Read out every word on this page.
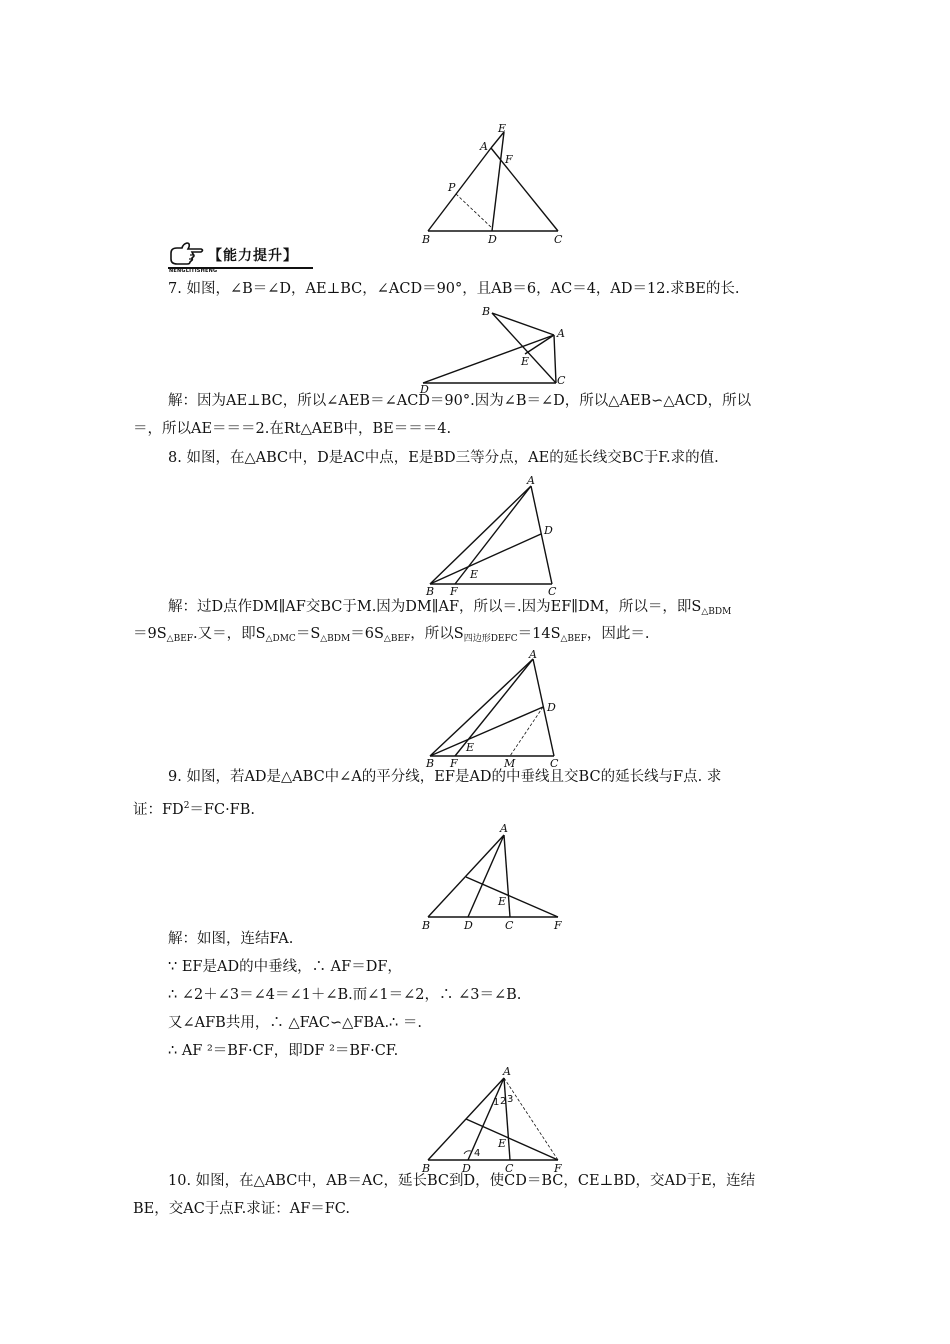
E
A
F
P
B	D	C
【能力提升】
NENGLITISHENG
7. 如图，∠B＝∠D，AE⊥BC，∠ACD＝90°，且AB＝6，AC＝4，AD＝12.求BE的长.
B
A
E
D
C
解：因为AE⊥BC，所以∠AEB＝∠ACD＝90°.因为∠B＝∠D，所以△AEB∽△ACD，所以
＝，所以AE＝＝＝2.在Rt△AEB中，BE＝＝＝4.
8. 如图，在△ABC中，D是AC中点，E是BD三等分点，AE的延长线交BC于F.求的值.
A
D
E
B F	C
解：过D点作DM∥AF交BC于M.因为DM∥AF，所以＝.因为EF∥DM，所以＝，即$S_{\triangle BDM}$
$=9S_{\triangle BEF}$.又＝，即$S_{\triangle DMC}=S_{\triangle BDM}=6S_{\triangle BEF}$，所以$S_{四边形DEFC}=14S_{\triangle BEF}$，因此＝.
A
D
E
B F	M	C
9. 如图，若AD是△ABC中∠A的平分线，EF是AD的中垂线且交BC的延长线与F点. 求
证：$FD^2=FC\cdot FB$.
A
E
B	D	C	F
解：如图，连结FA.
∵ EF是AD的中垂线，∴ AF＝DF，
∴ ∠2＋∠3＝∠4＝∠1＋∠B.而∠1＝∠2，∴ ∠3＝∠B.
又∠AFB共用，∴ △FAC∽△FBA.∴ ＝.
∴ AF ²＝BF·CF，即DF ²＝BF·CF.
A
1 2 3
E
4
B	D	C	F
10. 如图，在△ABC中，AB＝AC，延长BC到D，使CD＝BC，CE⊥BD，交AD于E，连结
BE，交AC于点F.求证：AF＝FC.
